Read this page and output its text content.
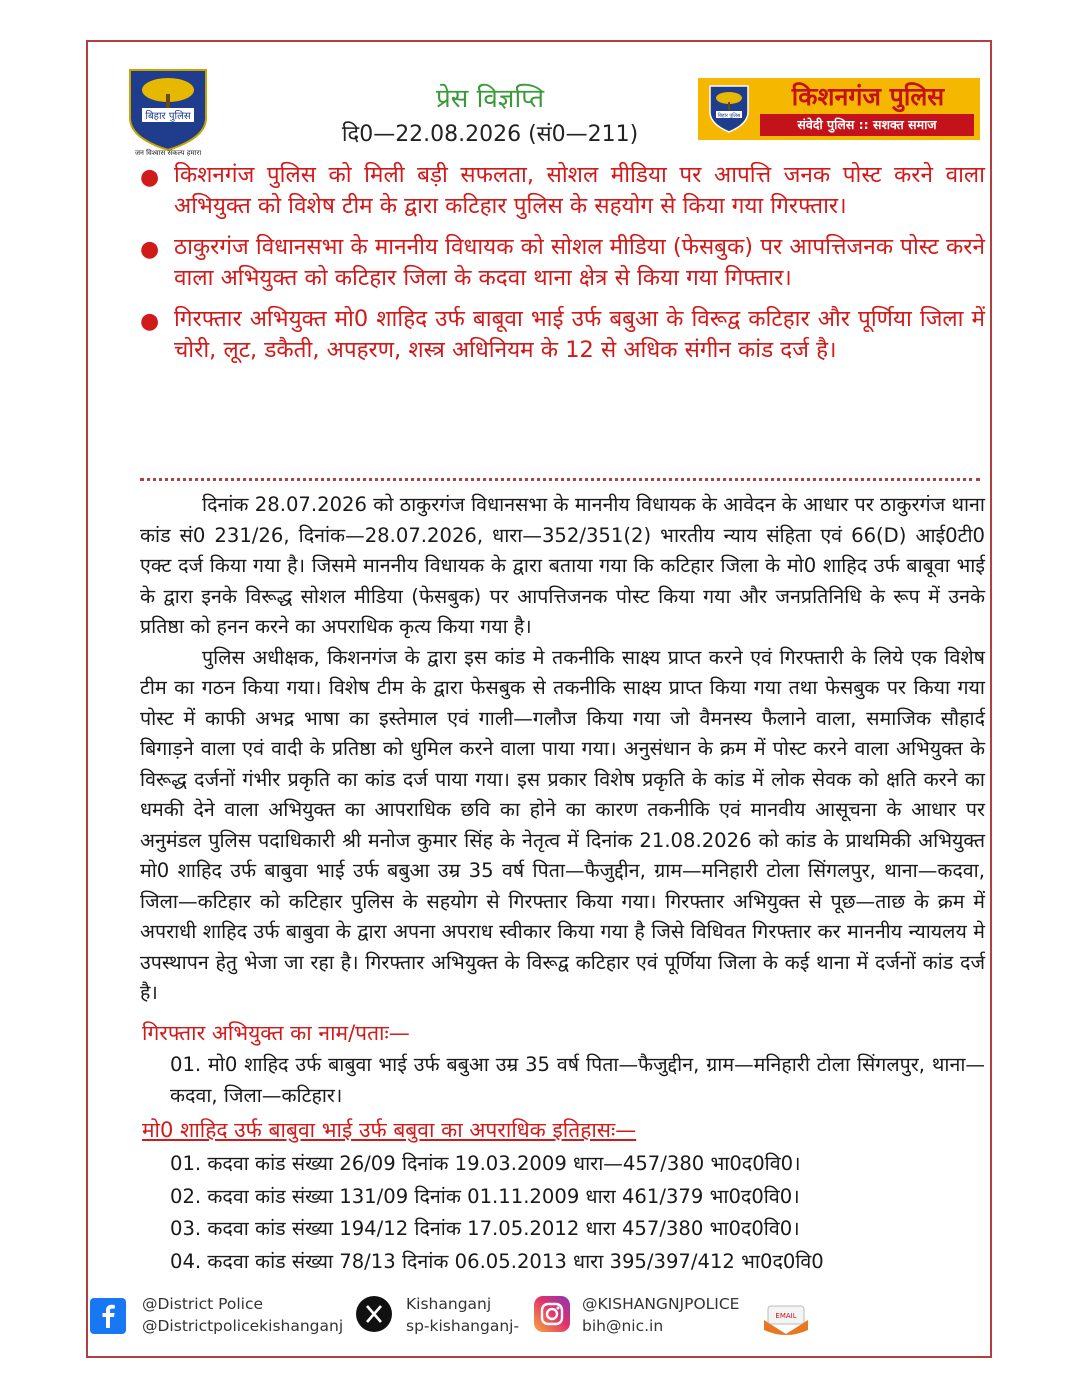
बिहार पुलिस
जन विश्वास संकल्प हमारा
प्रेस विज्ञप्ति
दि0—22.08.2026 (सं0—211)
बिहार पुलिस
किशनगंज पुलिस
संवेदी पुलिस :: सशक्त समाज
● किशनगंज पुलिस को मिली बड़ी सफलता, सोशल मीडिया पर आपत्ति जनक पोस्ट करने वाला अभियुक्त को विशेष टीम के द्वारा कटिहार पुलिस के सहयोग से किया गया गिरफ्तार।
● ठाकुरगंज विधानसभा के माननीय विधायक को सोशल मीडिया (फेसबुक) पर आपत्तिजनक पोस्ट करने वाला अभियुक्त को कटिहार जिला के कदवा थाना क्षेत्र से किया गया गिफ्तार।
● गिरफ्तार अभियुक्त मो0 शाहिद उर्फ बाबूवा भाई उर्फ बबुआ के विरूद्व कटिहार और पूर्णिया जिला में चोरी, लूट, डकैती, अपहरण, शस्त्र अधिनियम के 12 से अधिक संगीन कांड दर्ज है।

दिनांक 28.07.2026 को ठाकुरगंज विधानसभा के माननीय विधायक के आवेदन के आधार पर ठाकुरगंज थाना कांड सं0 231/26, दिनांक—28.07.2026, धारा—352/351(2) भारतीय न्याय संहिता एवं 66(D) आई0टी0 एक्ट दर्ज किया गया है। जिसमे माननीय विधायक के द्वारा बताया गया कि कटिहार जिला के मो0 शाहिद उर्फ बाबूवा भाई के द्वारा इनके विरूद्ध सोशल मीडिया (फेसबुक) पर आपत्तिजनक पोस्ट किया गया और जनप्रतिनिधि के रूप में उनके प्रतिष्ठा को हनन करने का अपराधिक कृत्य किया गया है।

पुलिस अधीक्षक, किशनगंज के द्वारा इस कांड मे तकनीकि साक्ष्य प्राप्त करने एवं गिरफ्तारी के लिये एक विशेष टीम का गठन किया गया। विशेष टीम के द्वारा फेसबुक से तकनीकि साक्ष्य प्राप्त किया गया तथा फेसबुक पर किया गया पोस्ट में काफी अभद्र भाषा का इस्तेमाल एवं गाली—गलौज किया गया जो वैमनस्य फैलाने वाला, समाजिक सौहार्द बिगाड़ने वाला एवं वादी के प्रतिष्ठा को धुमिल करने वाला पाया गया। अनुसंधान के क्रम में पोस्ट करने वाला अभियुक्त के विरूद्ध दर्जनों गंभीर प्रकृति का कांड दर्ज पाया गया। इस प्रकार विशेष प्रकृति के कांड में लोक सेवक को क्षति करने का धमकी देने वाला अभियुक्त का आपराधिक छवि का होने का कारण तकनीकि एवं मानवीय आसूचना के आधार पर अनुमंडल पुलिस पदाधिकारी श्री मनोज कुमार सिंह के नेतृत्व में दिनांक 21.08.2026 को कांड के प्राथमिकी अभियुक्त मो0 शाहिद उर्फ बाबुवा भाई उर्फ बबुआ उम्र 35 वर्ष पिता—फैजुद्दीन, ग्राम—मनिहारी टोला सिंगलपुर, थाना—कदवा, जिला—कटिहार को कटिहार पुलिस के सहयोग से गिरफ्तार किया गया। गिरफ्तार अभियुक्त से पूछ—ताछ के क्रम में अपराधी शाहिद उर्फ बाबुवा के द्वारा अपना अपराध स्वीकार किया गया है जिसे विधिवत गिरफ्तार कर माननीय न्यायलय मे उपस्थापन हेतु भेजा जा रहा है। गिरफ्तार अभियुक्त के विरूद्व कटिहार एवं पूर्णिया जिला के कई थाना में दर्जनों कांड दर्ज है।

गिरफ्तार अभियुक्त का नाम/पताः—
01. मो0 शाहिद उर्फ बाबुवा भाई उर्फ बबुआ उम्र 35 वर्ष पिता—फैजुद्दीन, ग्राम—मनिहारी टोला सिंगलपुर, थाना—कदवा, जिला—कटिहार।
मो0 शाहिद उर्फ बाबुवा भाई उर्फ बबुवा का अपराधिक इतिहासः—
01. कदवा कांड संख्या 26/09 दिनांक 19.03.2009 धारा—457/380 भा0द0वि0।
02. कदवा कांड संख्या 131/09 दिनांक 01.11.2009 धारा 461/379 भा0द0वि0।
03. कदवा कांड संख्या 194/12 दिनांक 17.05.2012 धारा 457/380 भा0द0वि0।
04. कदवा कांड संख्या 78/13 दिनांक 06.05.2013 धारा 395/397/412 भा0द0वि0
@District Police
@Districtpolicekishanganj
Kishanganj
sp-kishanganj-
@KISHANGNJPOLICE
bih@nic.in
EMAIL
